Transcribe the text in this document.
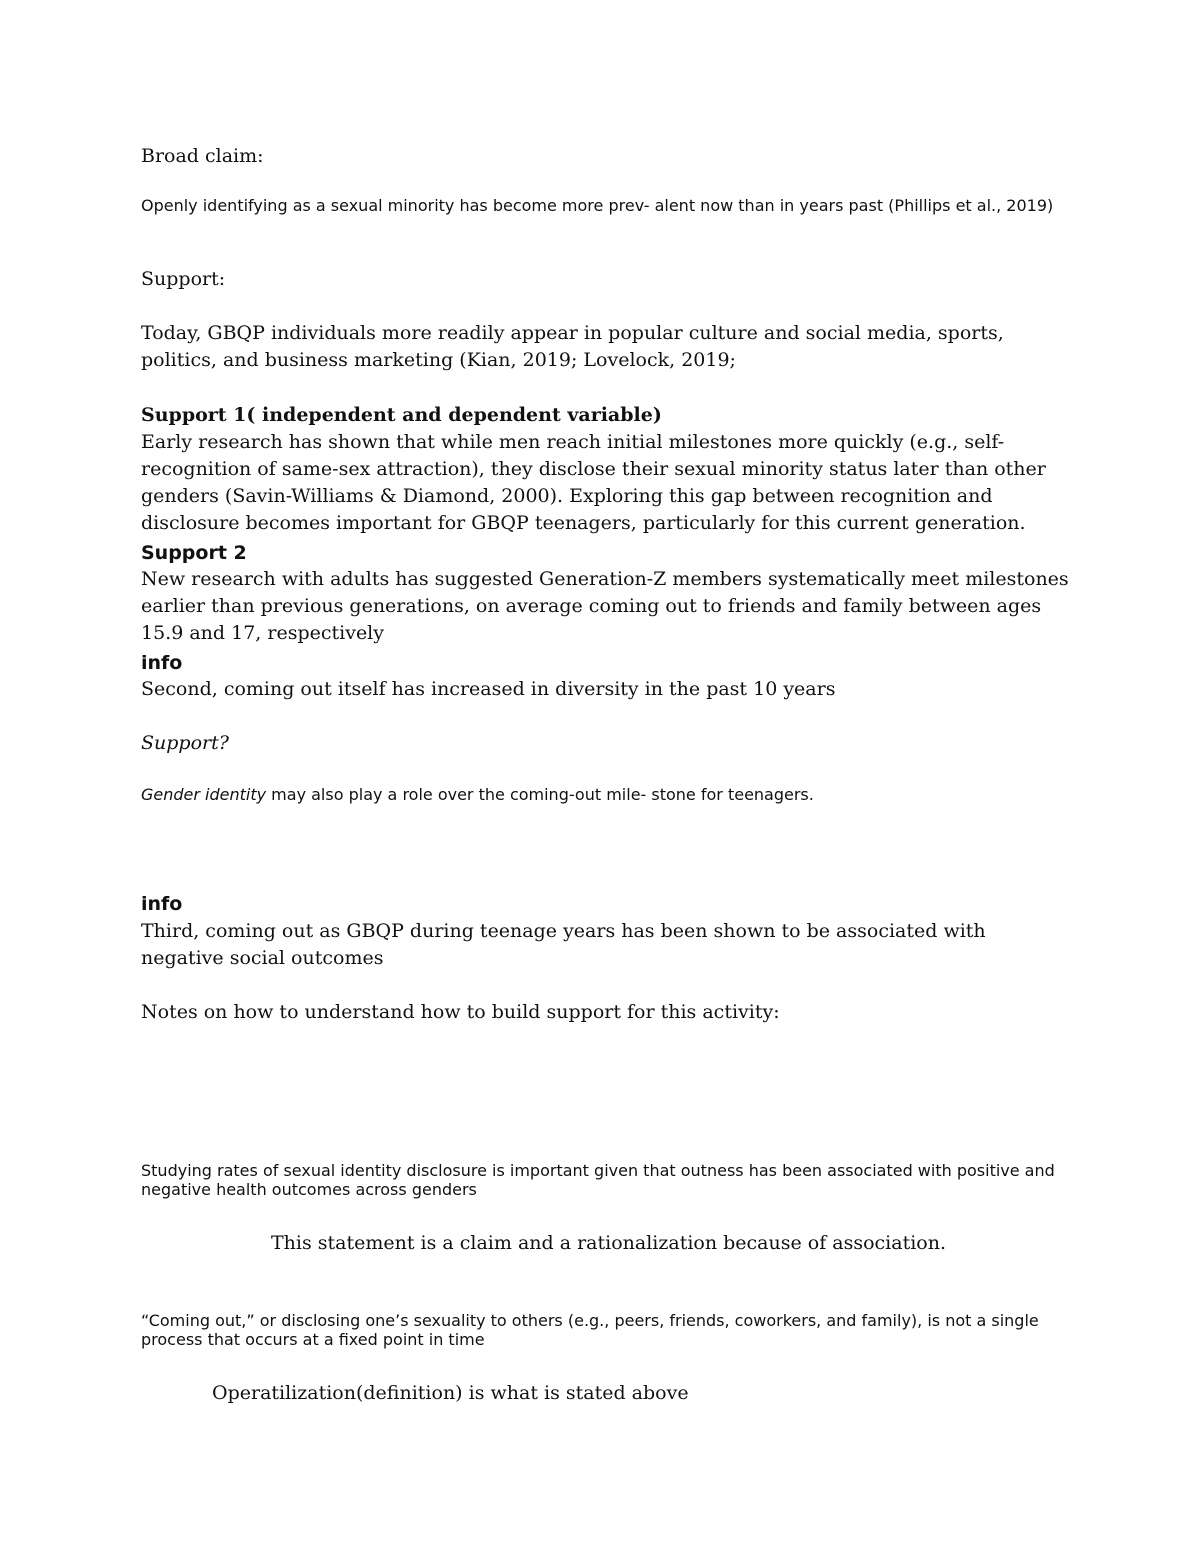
Broad claim:

Openly identifying as a sexual minority has become more prev- alent now than in years past (Phillips et al., 2019)

Support:

Today, GBQP individuals more readily appear in popular culture and social media, sports, politics, and business marketing (Kian, 2019; Lovelock, 2019;

Support 1( independent and dependent variable)

Early research has shown that while men reach initial milestones more quickly (e.g., self-recognition of same-sex attraction), they disclose their sexual minority status later than other genders (Savin-Williams & Diamond, 2000). Exploring this gap between recognition and disclosure becomes important for GBQP teenagers, particularly for this current generation.

Support 2

New research with adults has suggested Generation-Z members systematically meet milestones earlier than previous generations, on average coming out to friends and family between ages 15.9 and 17, respectively

info

Second, coming out itself has increased in diversity in the past 10 years

Support?

Gender identity may also play a role over the coming-out mile- stone for teenagers.

info

Third, coming out as GBQP during teenage years has been shown to be associated with negative social outcomes

Notes on how to understand how to build support for this activity:

Studying rates of sexual identity disclosure is important given that outness has been associated with positive and negative health outcomes across genders

This statement is a claim and a rationalization because of association.

“Coming out,” or disclosing one’s sexuality to others (e.g., peers, friends, coworkers, and family), is not a single process that occurs at a fixed point in time

Operatilization(definition) is what is stated above
